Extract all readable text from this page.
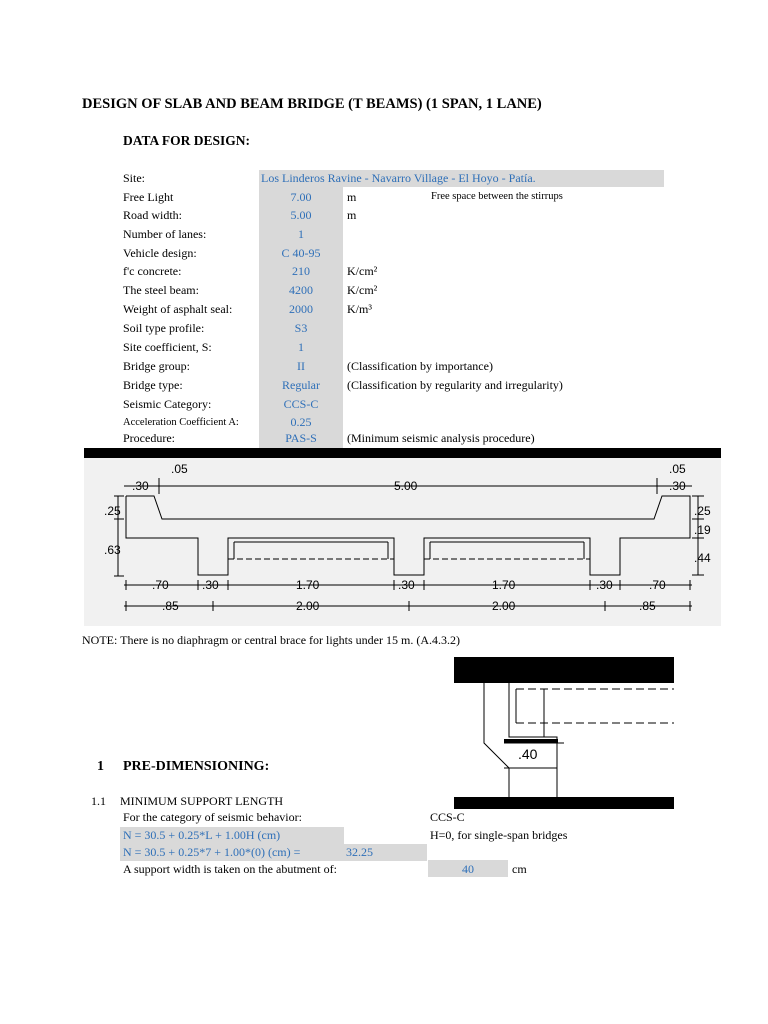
DESIGN OF SLAB AND BEAM BRIDGE (T BEAMS) (1 SPAN, 1 LANE)
DATA FOR DESIGN:
Site:	Los Linderos Ravine - Navarro Village - El Hoyo - Patía.
Free Light	7.00	m	Free space between the stirrups
Road width:	5.00	m
Number of lanes:	1
Vehicle design:	C 40-95
f'c concrete:	210	K/cm²
The steel beam:	4200	K/cm²
Weight of asphalt seal:	2000	K/m³
Soil type profile:	S3
Site coefficient, S:	1
Bridge group:	II	(Classification by importance)
Bridge type:	Regular	(Classification by regularity and irregularity)
Seismic Category:	CCS-C
Acceleration Coefficient A:	0.25
Procedure:	PAS-S	(Minimum seismic analysis procedure)
.05
.30	5.00
.05
.30
.25
.63
.25
.19
.44
.70	.30	1.70	.30	1.70	.30	.70
.85	2.00	2.00	.85
NOTE: There is no diaphragm or central brace for lights under 15 m. (A.4.3.2)
.40
1 PRE-DIMENSIONING:
1.1 MINIMUM SUPPORT LENGTH
For the category of seismic behavior:	CCS-C
N = 30.5 + 0.25*L + 1.00H (cm)	H=0, for single-span bridges
N = 30.5 + 0.25*7 + 1.00*(0) (cm) =	32.25
A support width is taken on the abutment of:	40	cm
